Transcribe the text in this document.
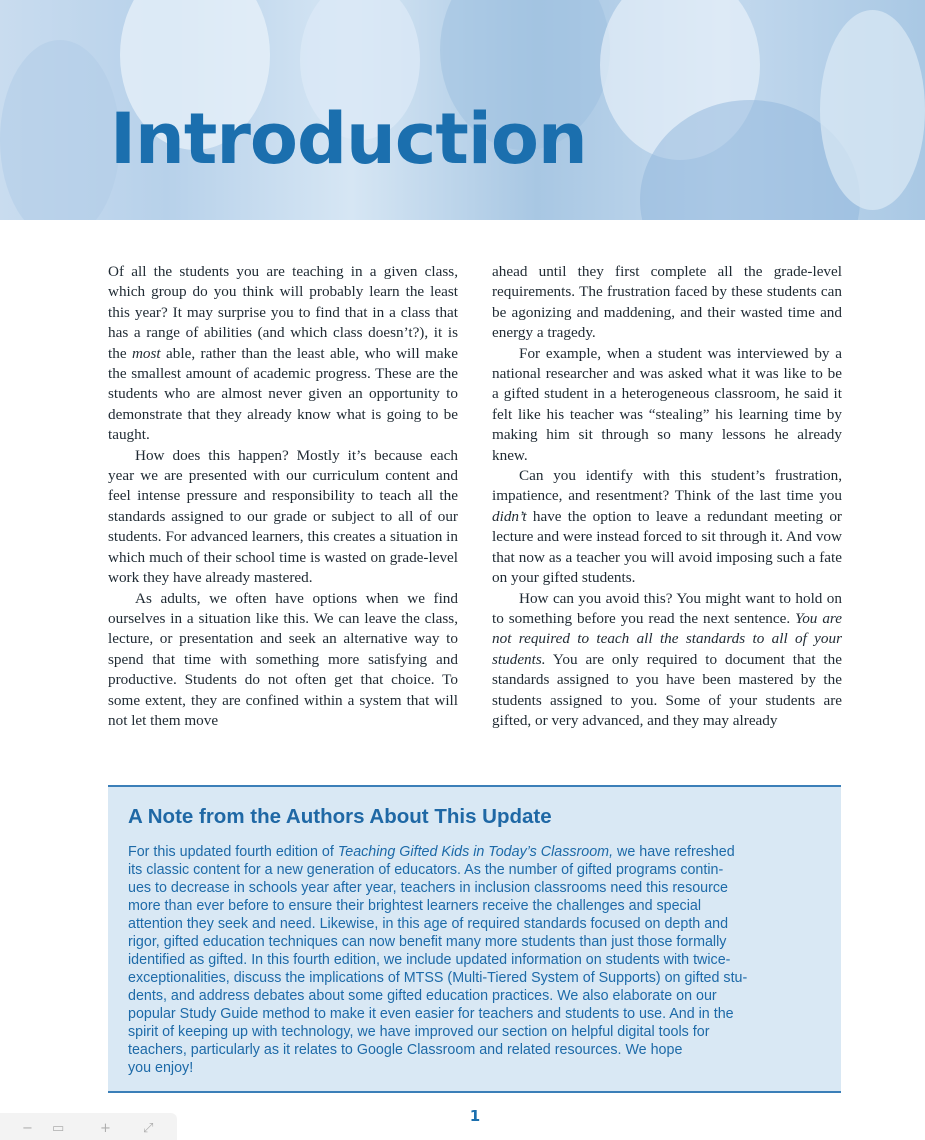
Introduction

Of all the students you are teaching in a given class, which group do you think will probably learn the least this year? It may surprise you to find that in a class that has a range of abilities (and which class doesn’t?), it is the most able, rather than the least able, who will make the smallest amount of academic progress. These are the students who are almost never given an opportunity to demonstrate that they already know what is going to be taught.

How does this happen? Mostly it’s because each year we are presented with our curriculum content and feel intense pressure and responsibility to teach all the standards assigned to our grade or subject to all of our students. For advanced learners, this creates a situation in which much of their school time is wasted on grade-level work they have already mastered.

As adults, we often have options when we find ourselves in a situation like this. We can leave the class, lecture, or presentation and seek an alternative way to spend that time with something more satisfying and productive. Students do not often get that choice. To some extent, they are confined within a system that will not let them move

ahead until they first complete all the grade-level requirements. The frustration faced by these students can be agonizing and maddening, and their wasted time and energy a tragedy.

For example, when a student was interviewed by a national researcher and was asked what it was like to be a gifted student in a heterogeneous classroom, he said it felt like his teacher was “stealing” his learning time by making him sit through so many lessons he already knew.

Can you identify with this student’s frustration, impatience, and resentment? Think of the last time you didn’t have the option to leave a redundant meeting or lecture and were instead forced to sit through it. And vow that now as a teacher you will avoid imposing such a fate on your gifted students.

How can you avoid this? You might want to hold on to something before you read the next sentence. You are not required to teach all the standards to all of your students. You are only required to document that the standards assigned to you have been mastered by the students assigned to you. Some of your students are gifted, or very advanced, and they may already

A Note from the Authors About This Update
For this updated fourth edition of Teaching Gifted Kids in Today’s Classroom, we have refreshed
its classic content for a new generation of educators. As the number of gifted programs contin-
ues to decrease in schools year after year, teachers in inclusion classrooms need this resource
more than ever before to ensure their brightest learners receive the challenges and special
attention they seek and need. Likewise, in this age of required standards focused on depth and
rigor, gifted education techniques can now benefit many more students than just those formally
identified as gifted. In this fourth edition, we include updated information on students with twice-
exceptionalities, discuss the implications of MTSS (Multi-Tiered System of Supports) on gifted stu-
dents, and address debates about some gifted education practices. We also elaborate on our
popular Study Guide method to make it even easier for teachers and students to use. And in the
spirit of keeping up with technology, we have improved our section on helpful digital tools for
teachers, particularly as it relates to Google Classroom and related resources. We hope
you enjoy!
1
− ▭	+ ⤢
